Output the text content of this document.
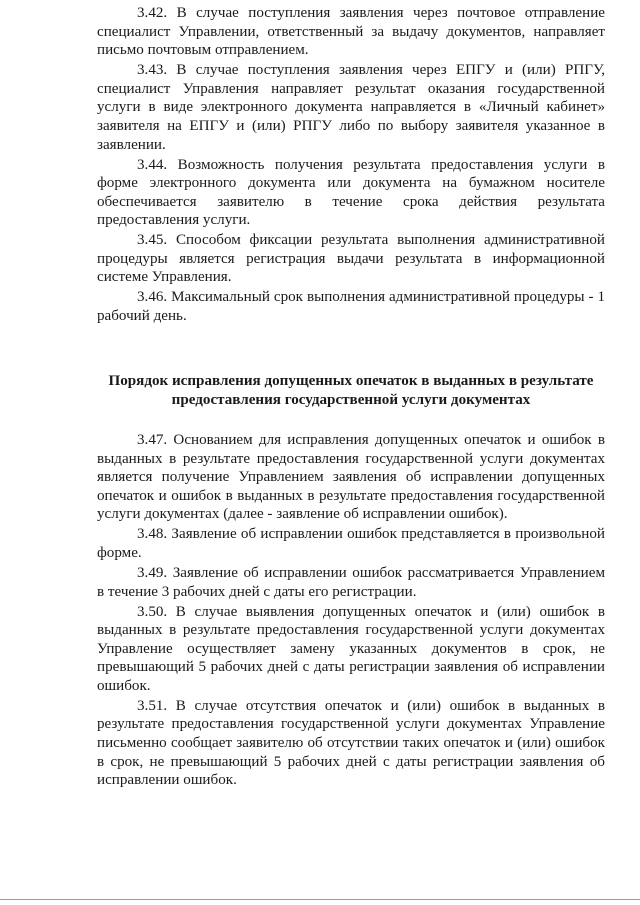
3.42. В случае поступления заявления через почтовое отправление специалист Управлении, ответственный за выдачу документов, направляет письмо почтовым отправлением.

3.43. В случае поступления заявления через ЕПГУ и (или) РПГУ, специалист Управления направляет результат оказания государственной услуги в виде электронного документа направляется в «Личный кабинет» заявителя на ЕПГУ и (или) РПГУ либо по выбору заявителя указанное в заявлении.

3.44. Возможность получения результата предоставления услуги в форме электронного документа или документа на бумажном носителе обеспечивается заявителю в течение срока действия результата предоставления услуги.

3.45. Способом фиксации результата выполнения административной процедуры является регистрация выдачи результата в информационной системе Управления.

3.46. Максимальный срок выполнения административной процедуры - 1 рабочий день.

Порядок исправления допущенных опечаток в выданных в результате предоставления государственной услуги документах

3.47. Основанием для исправления допущенных опечаток и ошибок в выданных в результате предоставления государственной услуги документах является получение Управлением заявления об исправлении допущенных опечаток и ошибок в выданных в результате предоставления государственной услуги документах (далее - заявление об исправлении ошибок).

3.48. Заявление об исправлении ошибок представляется в произвольной форме.

3.49. Заявление об исправлении ошибок рассматривается Управлением в течение 3 рабочих дней с даты его регистрации.

3.50. В случае выявления допущенных опечаток и (или) ошибок в выданных в результате предоставления государственной услуги документах Управление осуществляет замену указанных документов в срок, не превышающий 5 рабочих дней с даты регистрации заявления об исправлении ошибок.

3.51. В случае отсутствия опечаток и (или) ошибок в выданных в результате предоставления государственной услуги документах Управление письменно сообщает заявителю об отсутствии таких опечаток и (или) ошибок в срок, не превышающий 5 рабочих дней с даты регистрации заявления об исправлении ошибок.
